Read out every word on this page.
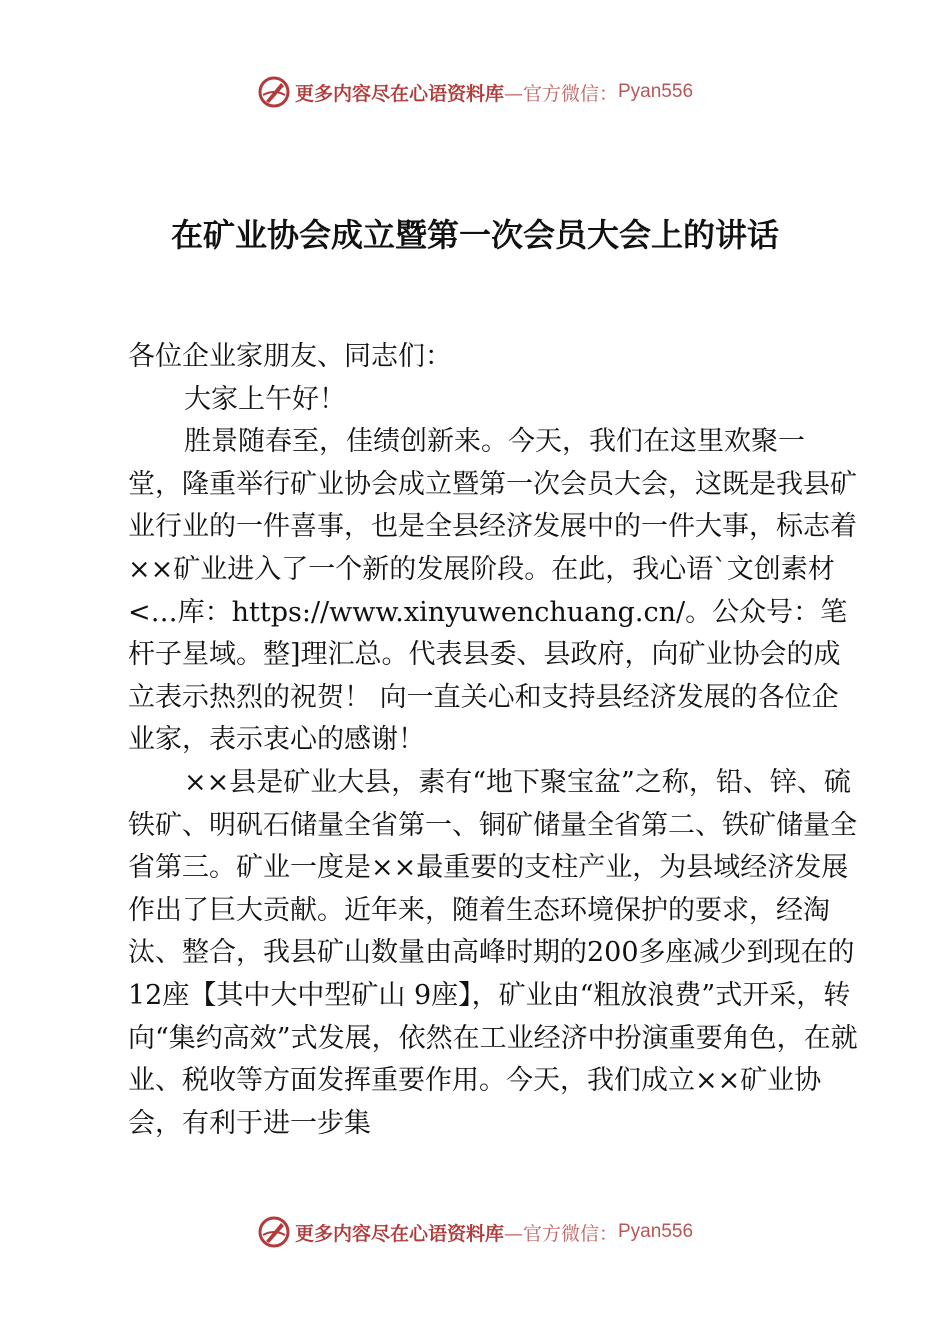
更多内容尽在心语资料库 —官方微信： Pyan556
在矿业协会成立暨第一次会员大会上的讲话

各位企业家朋友、同志们：

大家上午好！

胜景随春至，佳绩创新来。今天，我们在这里欢聚一堂，隆重举行矿业协会成立暨第一次会员大会，这既是我县矿业行业的一件喜事，也是全县经济发展中的一件大事，标志着××矿业进入了一个新的发展阶段。在此，我心语`文创素材<…库：https://www.xinyuwenchuang.cn/。公众号：笔杆子星域。整]理汇总。代表县委、县政府，向矿业协会的成立表示热烈的祝贺！ 向一直关心和支持县经济发展的各位企业家，表示衷心的感谢！

××县是矿业大县，素有“地下聚宝盆”之称，铅、锌、硫铁矿、明矾石储量全省第一、铜矿储量全省第二、铁矿储量全省第三。矿业一度是××最重要的支柱产业，为县域经济发展作出了巨大贡献。近年来，随着生态环境保护的要求，经淘汰、整合，我县矿山数量由高峰时期的200多座减少到现在的 12座【其中大中型矿山 9座】，矿业由“粗放浪费”式开采，转向“集约高效”式发展，依然在工业经济中扮演重要角色，在就业、税收等方面发挥重要作用。今天，我们成立××矿业协会，有利于进一步集

更多内容尽在心语资料库 —官方微信： Pyan556
